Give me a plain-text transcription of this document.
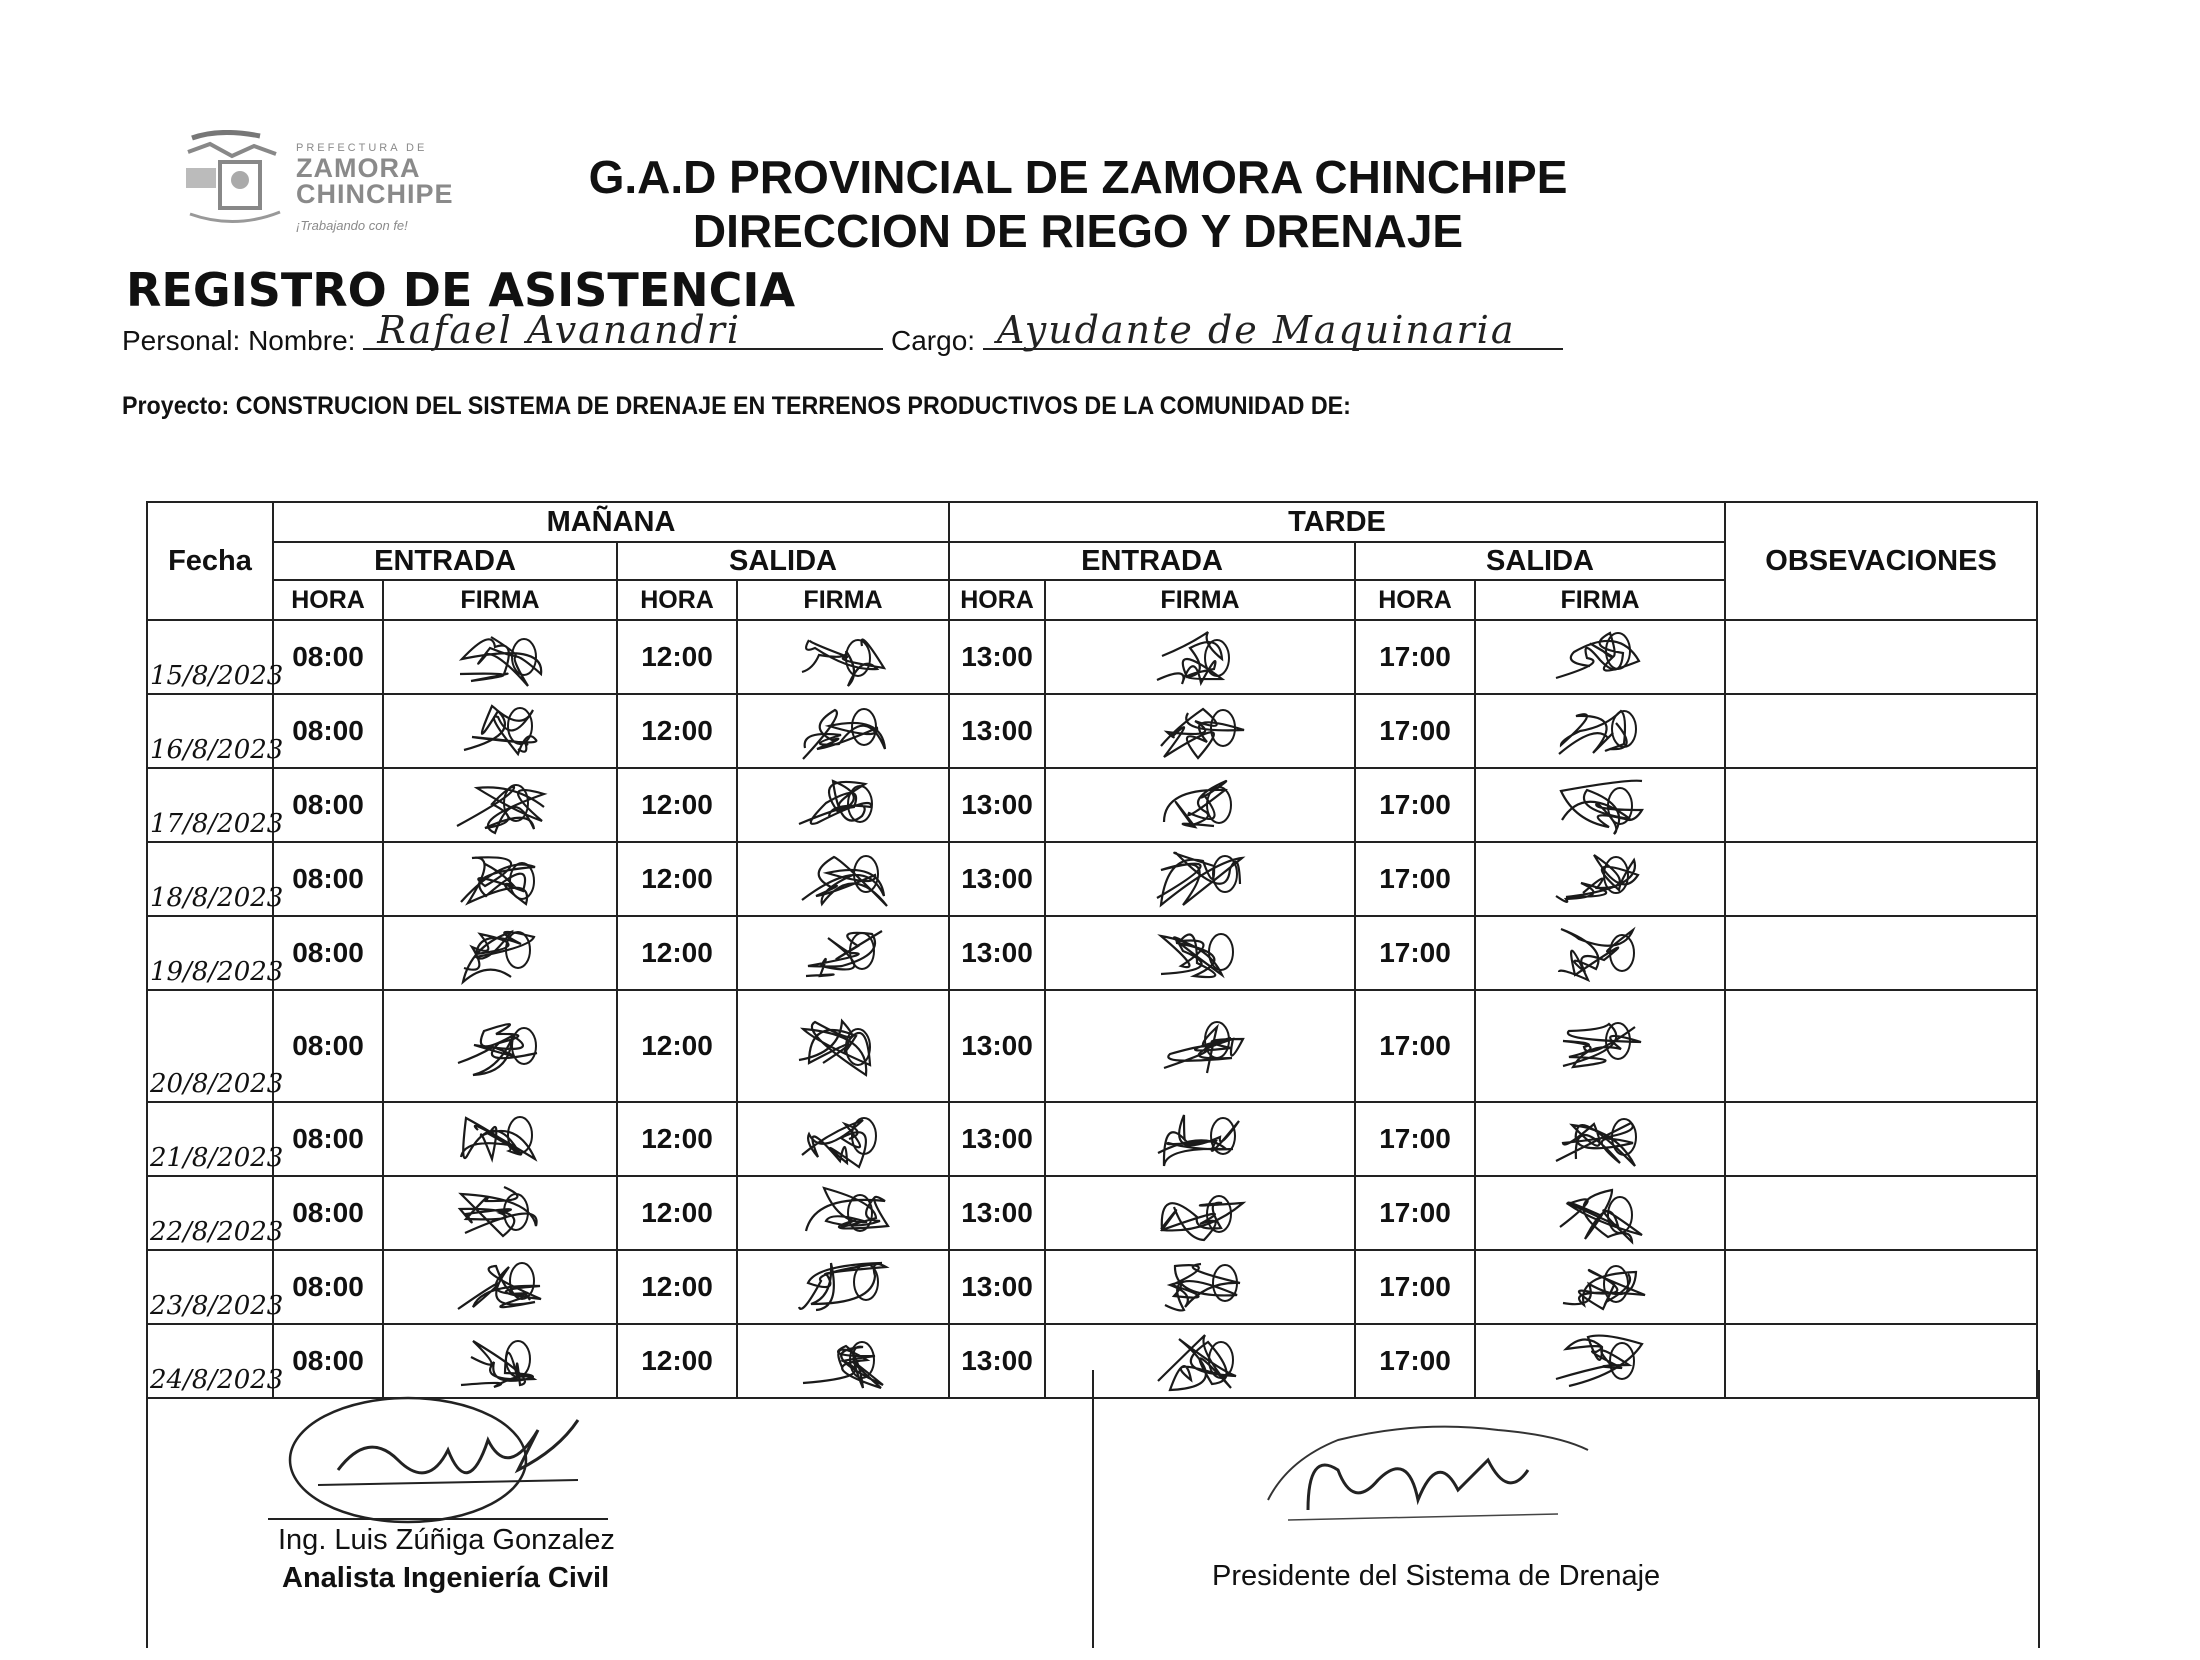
PREFECTURA DE
ZAMORA
CHINCHIPE
¡Trabajando con fe!
G.A.D PROVINCIAL DE ZAMORA CHINCHIPE
DIRECCION DE RIEGO Y DRENAJE
REGISTRO DE ASISTENCIA
Personal: Nombre: Rafael Avanandri	Cargo: Ayudante de Maquinaria
Proyecto: CONSTRUCION DEL SISTEMA DE DRENAJE EN TERRENOS PRODUCTIVOS DE LA COMUNIDAD DE:
Fecha	MAÑANA				TARDE				OBSEVACIONES
	ENTRADA		SALIDA		ENTRADA		SALIDA		
	HORA	FIRMA	HORA	FIRMA	HORA	FIRMA	HORA	FIRMA	

15/8/2023	08:00		12:00		13:00		17:00	

16/8/2023	08:00		12:00		13:00		17:00	

17/8/2023	08:00		12:00		13:00		17:00	

18/8/2023	08:00		12:00		13:00		17:00	

19/8/2023	08:00		12:00		13:00		17:00	

20/8/2023	08:00		12:00		13:00		17:00	

21/8/2023	08:00		12:00		13:00		17:00	

22/8/2023	08:00		12:00		13:00		17:00	

23/8/2023	08:00		12:00		13:00		17:00	

24/8/2023	08:00		12:00		13:00		17:00	

Ing. Luis Zúñiga Gonzalez
Analista Ingeniería Civil	Presidente del Sistema de Drenaje
